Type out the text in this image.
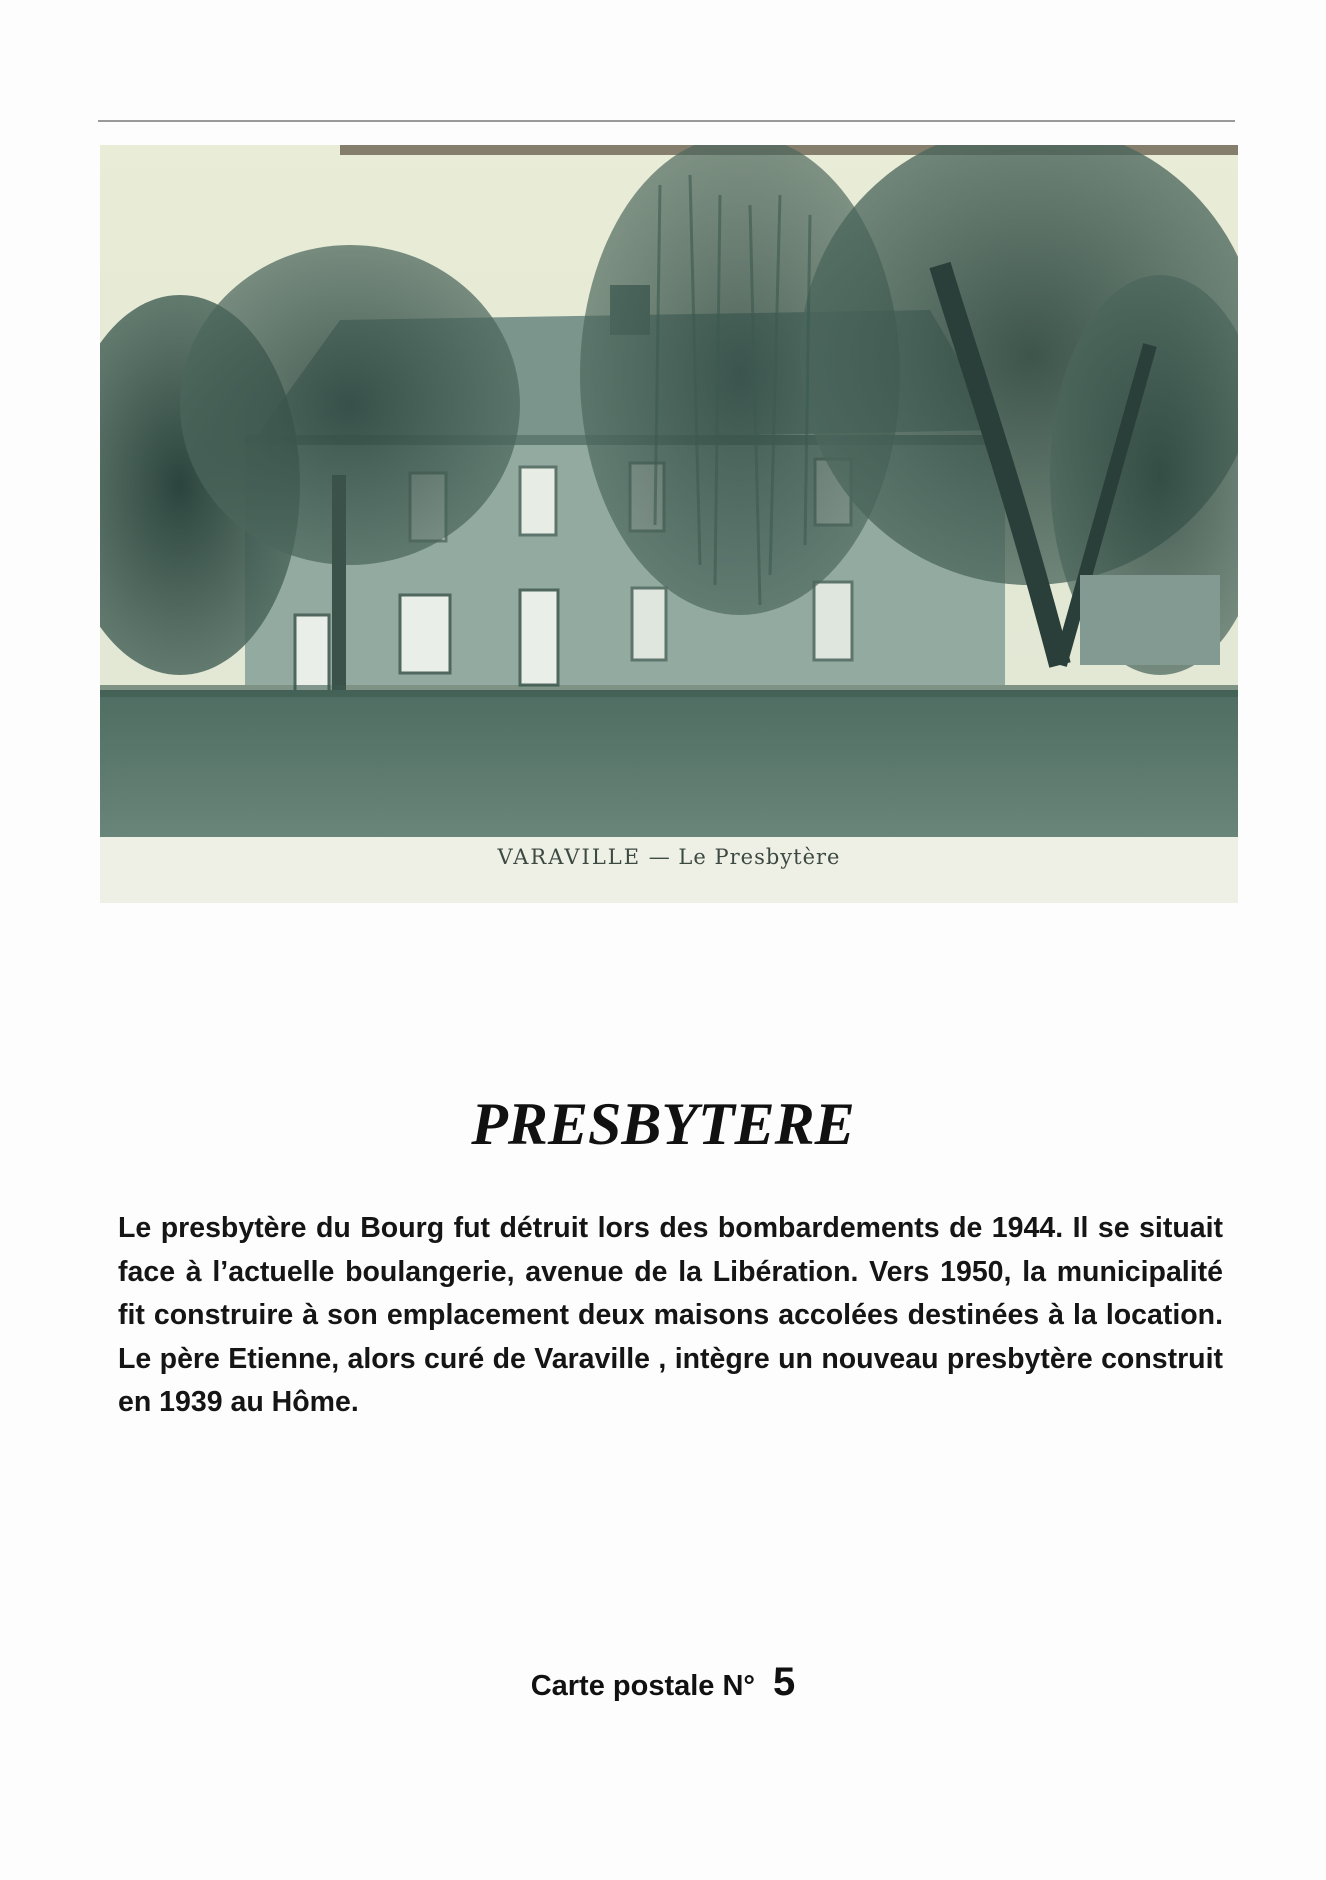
VARAVILLE — Le Presbytère
PRESBYTERE

Le presbytère du Bourg fut détruit lors des bombardements de 1944. Il se situait face à l’actuelle boulangerie, avenue de la Libération. Vers 1950, la municipalité fit construire à son emplacement deux maisons accolées destinées à la location. Le père Etienne, alors curé de Varaville , intègre un nouveau presbytère construit en 1939 au Hôme.

Carte postale N° 5
